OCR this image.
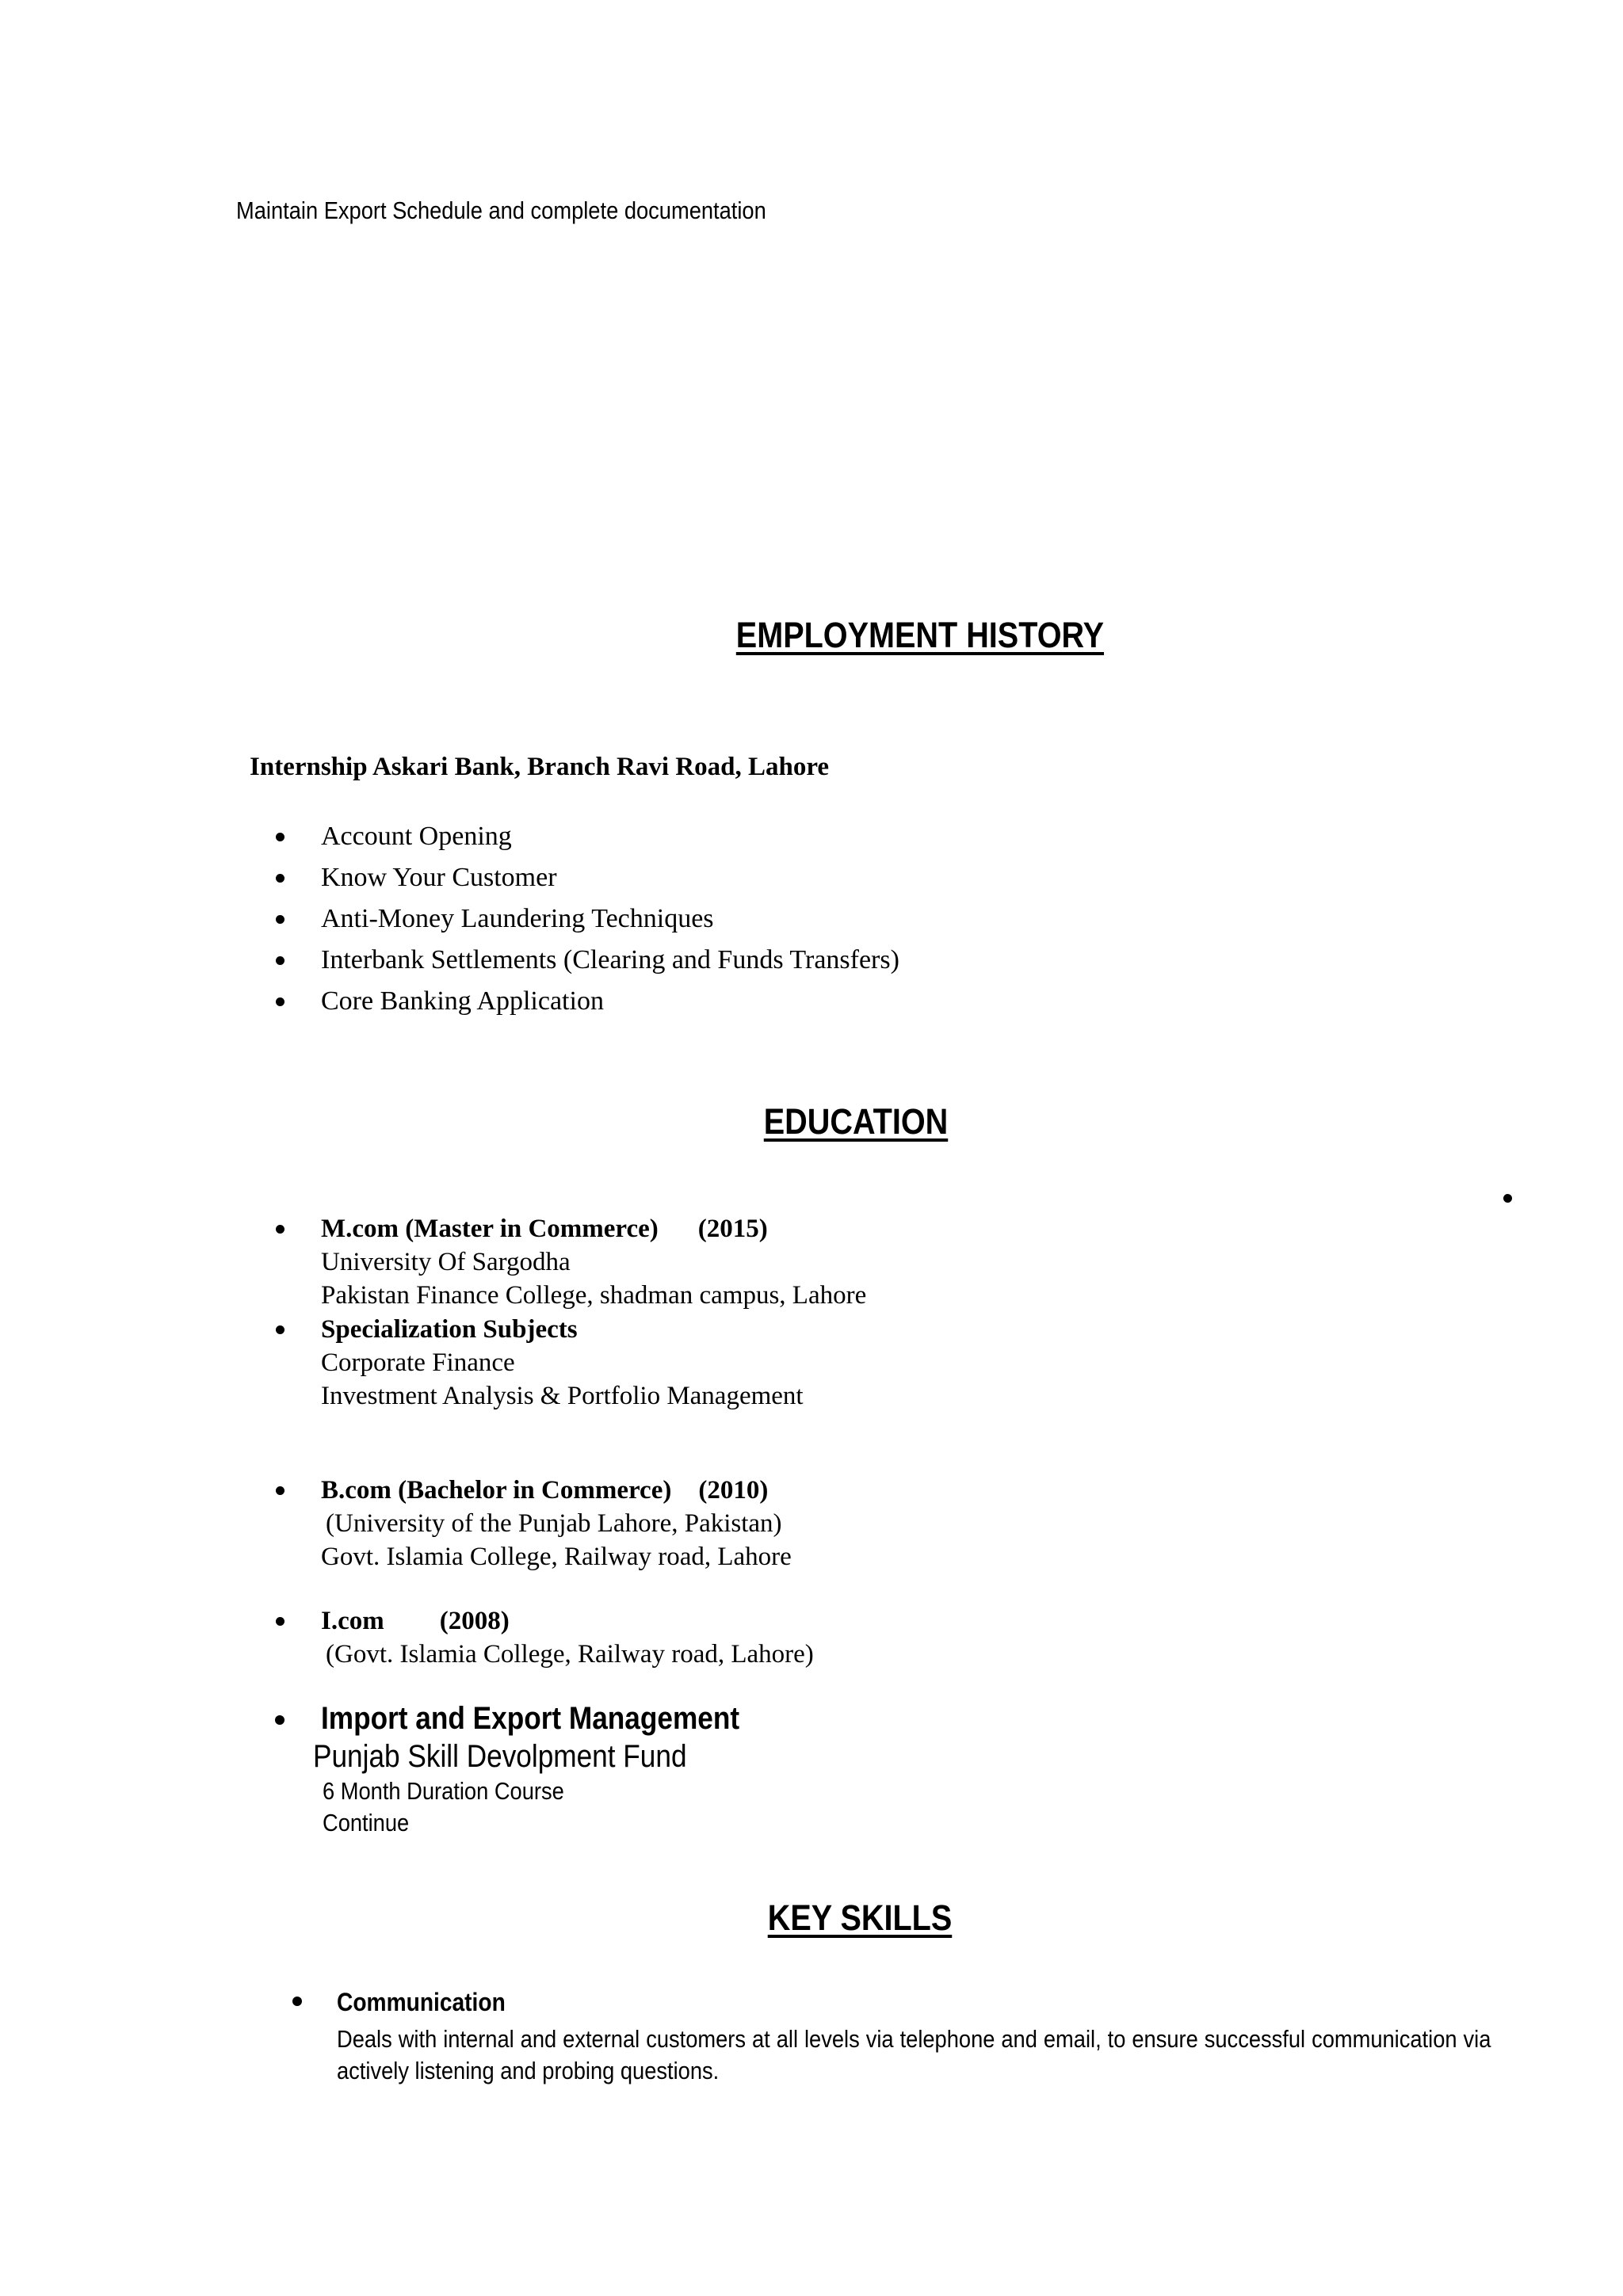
Maintain Export Schedule and complete documentation
EMPLOYMENT HISTORY
Internship Askari Bank, Branch Ravi Road, Lahore
Account Opening
Know Your Customer
Anti-Money Laundering Techniques
Interbank Settlements (Clearing and Funds Transfers)
Core Banking Application
EDUCATION
M.com (Master in Commerce) (2015)
University Of Sargodha
Pakistan Finance College, shadman campus, Lahore
Specialization Subjects
Corporate Finance
Investment Analysis & Portfolio Management
B.com (Bachelor in Commerce) (2010)
(University of the Punjab Lahore, Pakistan)
Govt. Islamia College, Railway road, Lahore
I.com (2008)
(Govt. Islamia College, Railway road, Lahore)
Import and Export Management
Punjab Skill Devolpment Fund
6 Month Duration Course
Continue
KEY SKILLS
Communication
Deals with internal and external customers at all levels via telephone and email, to ensure successful communication via actively listening and probing questions.
